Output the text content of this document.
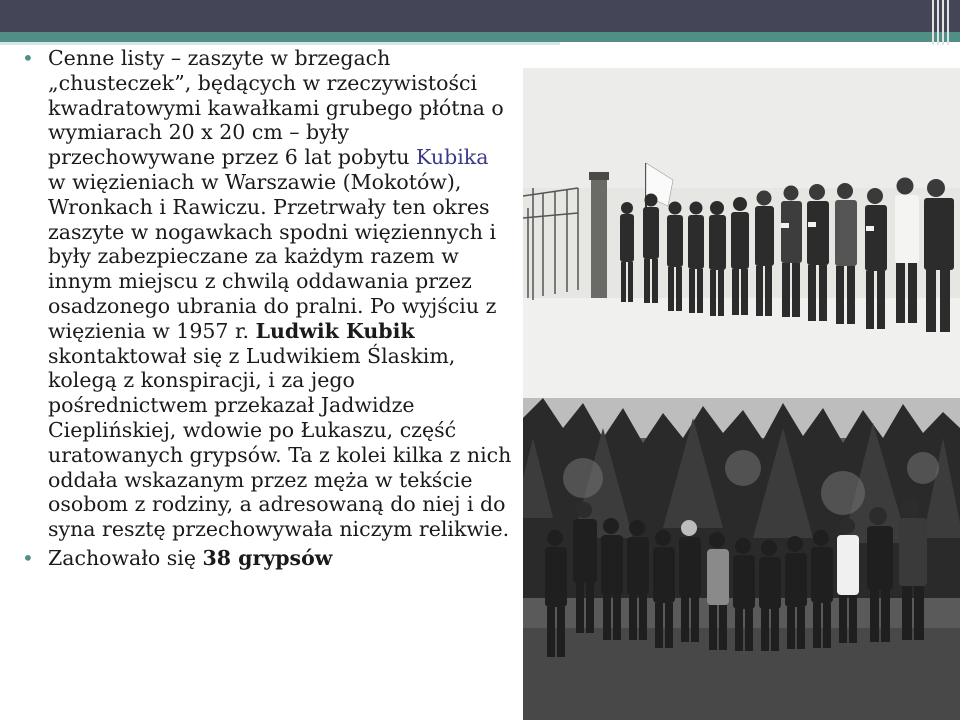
• Cenne listy – zaszyte w brzegach „chusteczek”, będących w rzeczywistości kwadratowymi kawałkami grubego płótna o wymiarach 20 x 20 cm – były przechowywane przez 6 lat pobytu Kubika w więzieniach w Warszawie (Mokotów), Wronkach i Rawiczu. Przetrwały ten okres zaszyte w nogawkach spodni więziennych i były zabezpieczane za każdym razem w innym miejscu z chwilą oddawania przez osadzonego ubrania do pralni. Po wyjściu z więzienia w 1957 r. Ludwik Kubik skontaktował się z Ludwikiem Ślaskim, kolegą z konspiracji, i za jego pośrednictwem przekazał Jadwidze Cieplińskiej, wdowie po Łukaszu, część uratowanych grypsów. Ta z kolei kilka z nich oddała wskazanym przez męża w tekście osobom z rodziny, a adresowaną do niej i do syna resztę przechowywała niczym relikwie.

• Zachowało się 38 grypsów
